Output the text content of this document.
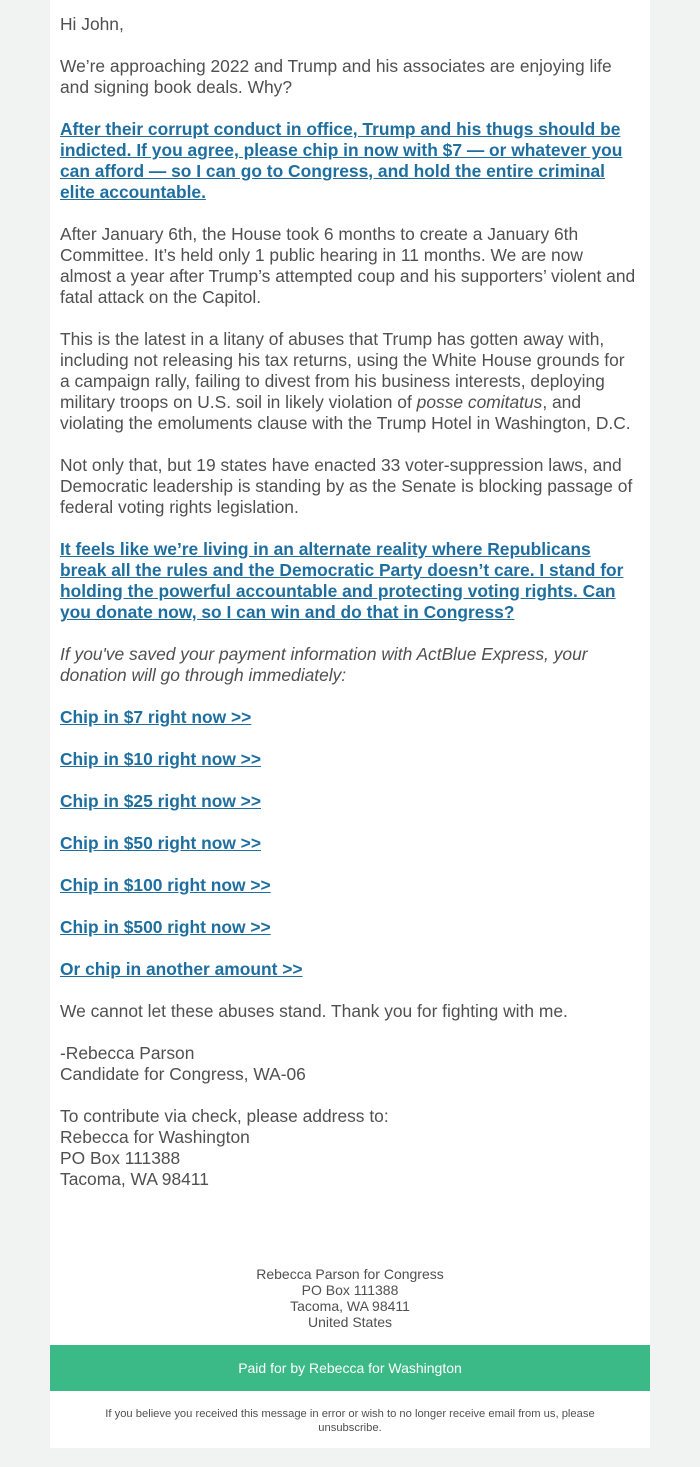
Hi John,

We’re approaching 2022 and Trump and his associates are enjoying life and signing book deals. Why?

After their corrupt conduct in office, Trump and his thugs should be indicted. If you agree, please chip in now with $7 — or whatever you can afford — so I can go to Congress, and hold the entire criminal elite accountable.

After January 6th, the House took 6 months to create a January 6th Committee. It’s held only 1 public hearing in 11 months. We are now almost a year after Trump’s attempted coup and his supporters’ violent and fatal attack on the Capitol.

This is the latest in a litany of abuses that Trump has gotten away with, including not releasing his tax returns, using the White House grounds for a campaign rally, failing to divest from his business interests, deploying military troops on U.S. soil in likely violation of posse comitatus, and violating the emoluments clause with the Trump Hotel in Washington, D.C.

Not only that, but 19 states have enacted 33 voter-suppression laws, and Democratic leadership is standing by as the Senate is blocking passage of federal voting rights legislation.

It feels like we’re living in an alternate reality where Republicans break all the rules and the Democratic Party doesn’t care. I stand for holding the powerful accountable and protecting voting rights. Can you donate now, so I can win and do that in Congress?

If you've saved your payment information with ActBlue Express, your donation will go through immediately:

Chip in $7 right now >>

Chip in $10 right now >>

Chip in $25 right now >>

Chip in $50 right now >>

Chip in $100 right now >>

Chip in $500 right now >>

Or chip in another amount >>

We cannot let these abuses stand. Thank you for fighting with me.

-Rebecca Parson
Candidate for Congress, WA-06

To contribute via check, please address to:
Rebecca for Washington
PO Box 111388
Tacoma, WA 98411

Rebecca Parson for Congress
PO Box 111388
Tacoma, WA 98411
United States
Paid for by Rebecca for Washington
If you believe you received this message in error or wish to no longer receive email from us, please unsubscribe.
